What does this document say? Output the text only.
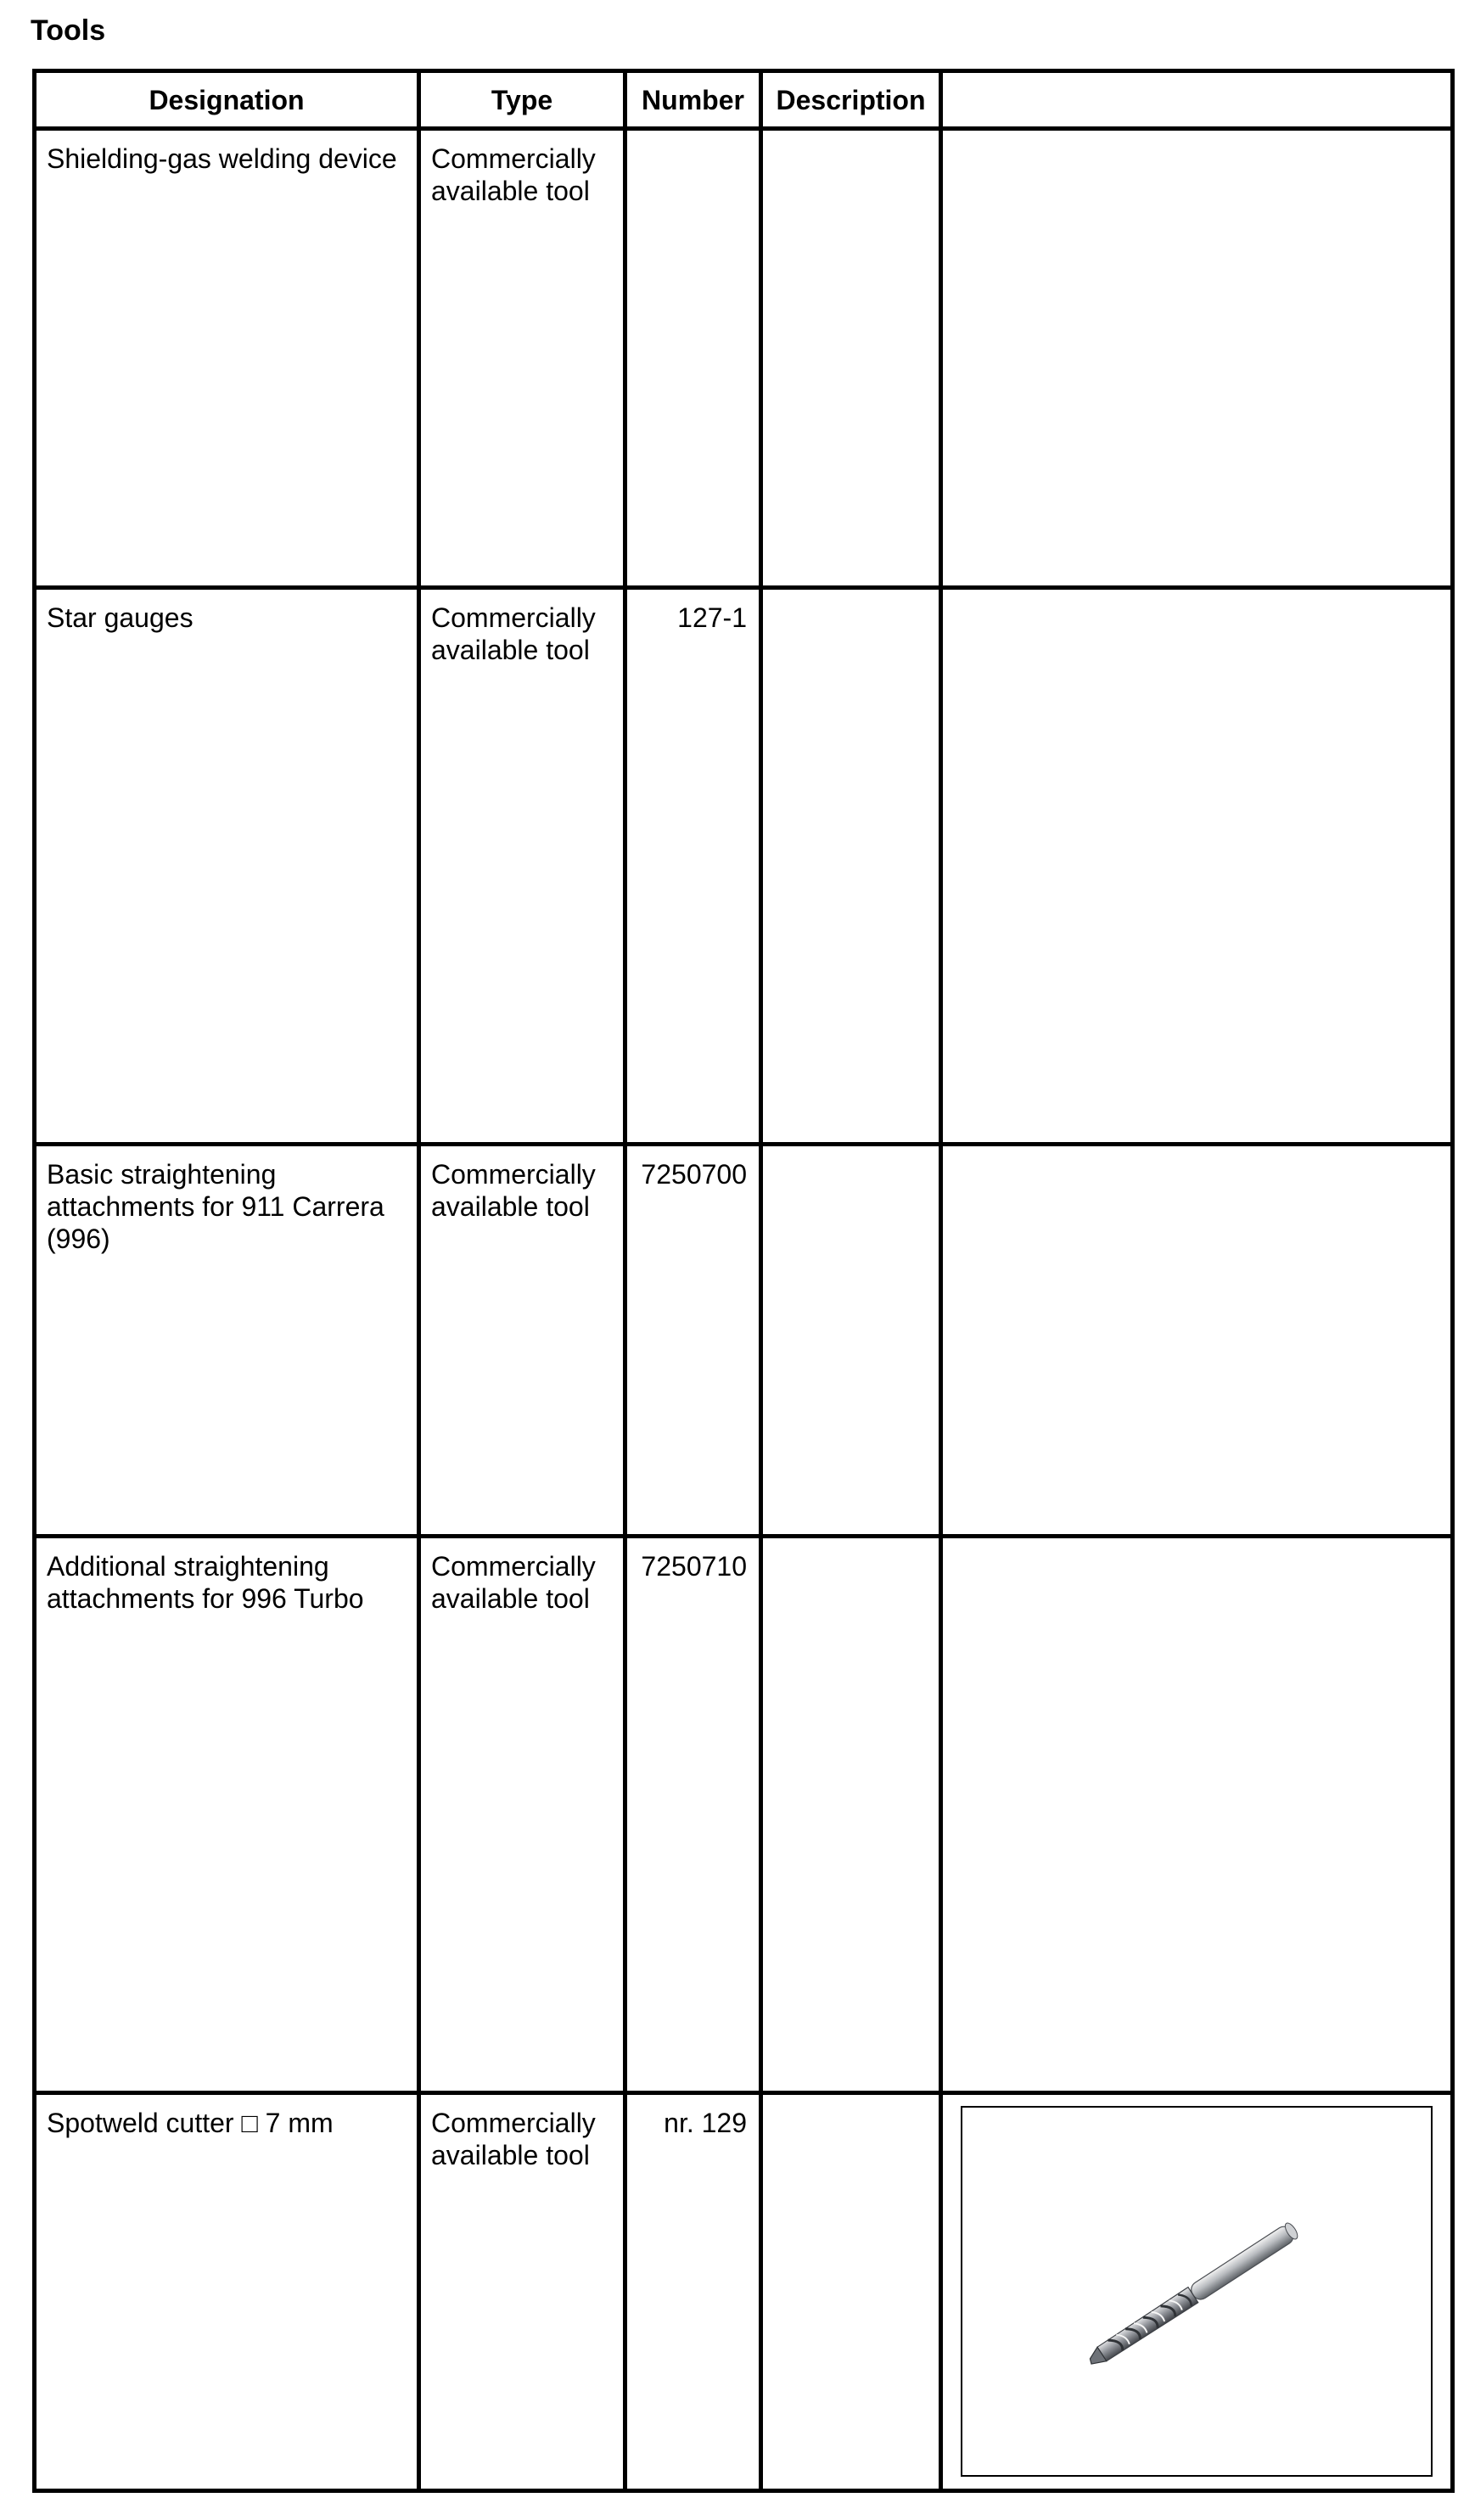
Tools
Designation	Type	Number	Description	

Shielding-gas welding device	Commercially available tool			

Star gauges	Commercially available tool	127-1		

Basic straightening attachments for 911 Carrera (996)	Commercially available tool	7250700		

Additional straightening attachments for 996 Turbo	Commercially available tool	7250710		

Spotweld cutter □ 7 mm	Commercially available tool	nr. 129
